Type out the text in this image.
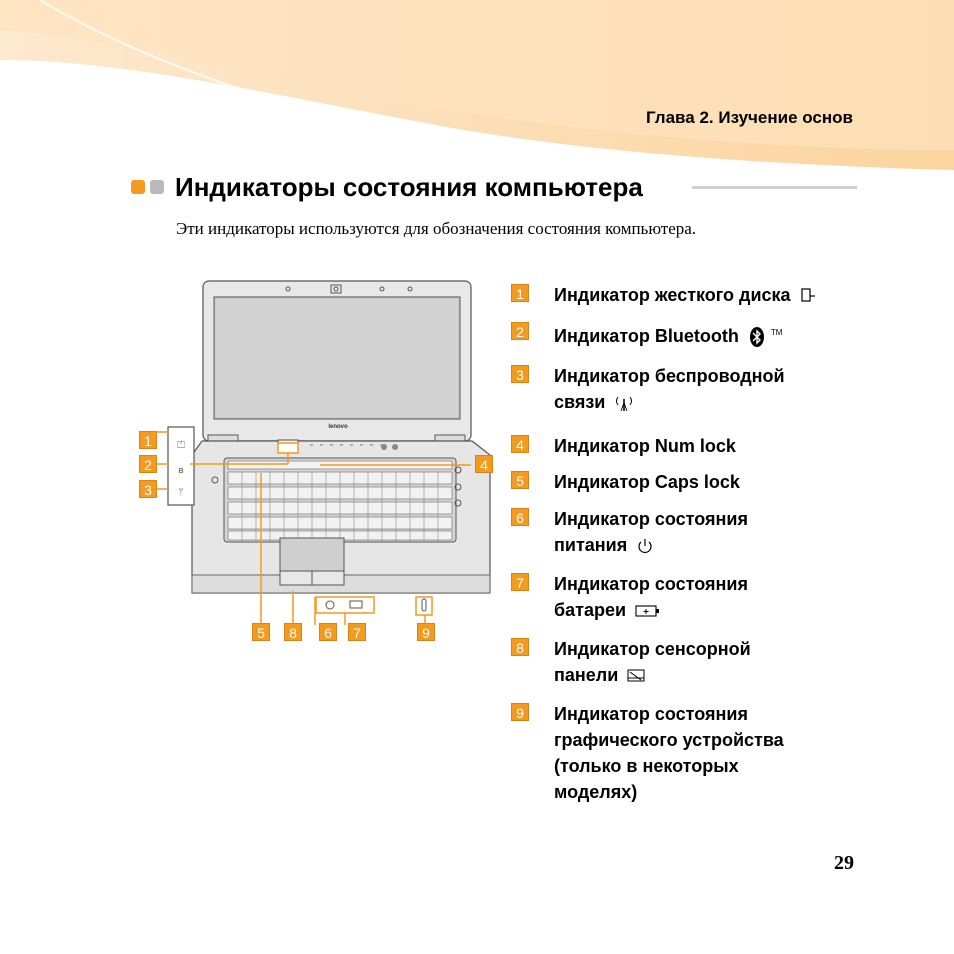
Глава 2. Изучение основ
Индикаторы состояния компьютера
Эти индикаторы используются для обозначения состояния компьютера.
lenovo
⏍
ʙ
ᛘ
1
2
3
4
5	8	6	7	9
1 Индикатор жесткого диска
2 Индикатор Bluetooth	™
3 Индикатор беспроводной
связи
4 Индикатор Num lock
5 Индикатор Caps lock
6 Индикатор состояния
питания
7 Индикатор состояния
батареи
8 Индикатор сенсорной
панели
9 Индикатор состояния
графического устройства
(только в некоторых
моделях)
29
